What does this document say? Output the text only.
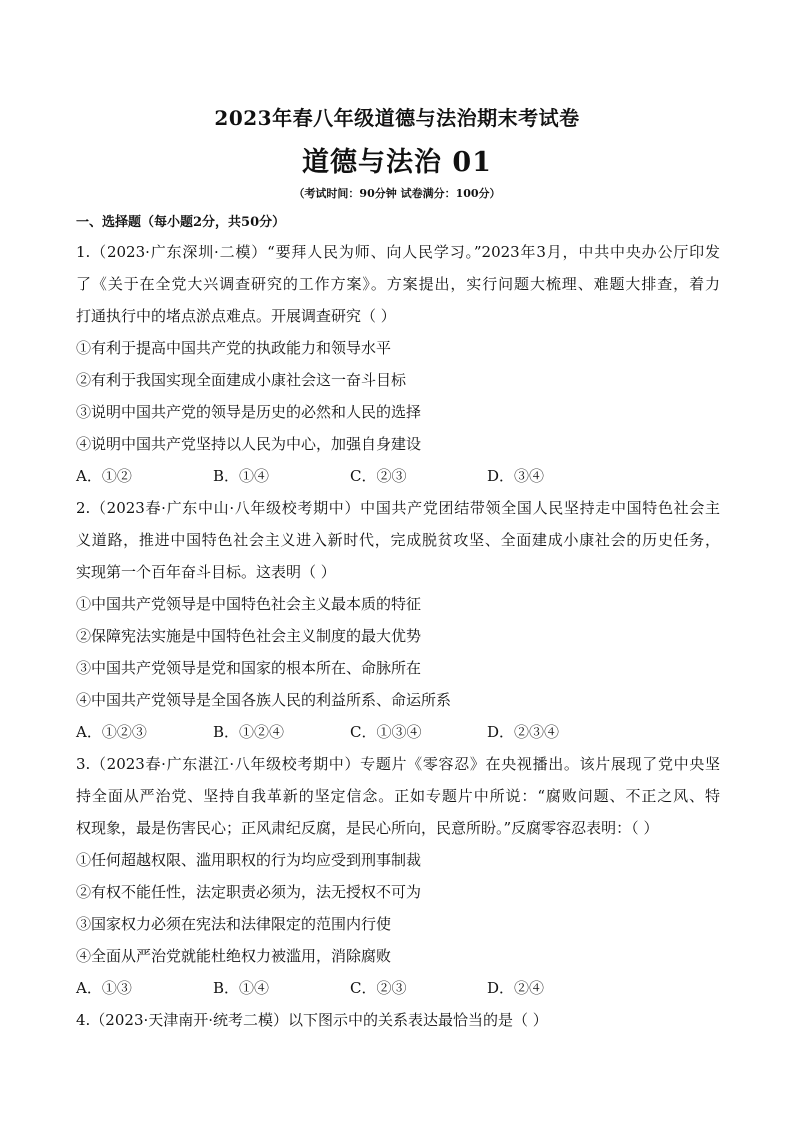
2023年春八年级道德与法治期末考试卷
道德与法治 01
（考试时间：90分钟 试卷满分：100分）
一、选择题（每小题2分，共50分）
1.（2023·广东深圳·二模）“要拜人民为师、向人民学习。”2023年3月，中共中央办公厅印发
了《关于在全党大兴调查研究的工作方案》。方案提出，实行问题大梳理、难题大排查，着力
打通执行中的堵点淤点难点。开展调查研究（ ）
①有利于提高中国共产党的执政能力和领导水平
②有利于我国实现全面建成小康社会这一奋斗目标
③说明中国共产党的领导是历史的必然和人民的选择
④说明中国共产党坚持以人民为中心，加强自身建设
A．①②	B．①④	C．②③	D．③④
2.（2023春·广东中山·八年级校考期中）中国共产党团结带领全国人民坚持走中国特色社会主
义道路，推进中国特色社会主义进入新时代，完成脱贫攻坚、全面建成小康社会的历史任务，
实现第一个百年奋斗目标。这表明（ ）
①中国共产党领导是中国特色社会主义最本质的特征
②保障宪法实施是中国特色社会主义制度的最大优势
③中国共产党领导是党和国家的根本所在、命脉所在
④中国共产党领导是全国各族人民的利益所系、命运所系
A．①②③	B．①②④	C．①③④	D．②③④
3.（2023春·广东湛江·八年级校考期中）专题片《零容忍》在央视播出。该片展现了党中央坚
持全面从严治党、坚持自我革新的坚定信念。正如专题片中所说：“腐败问题、不正之风、特
权现象，最是伤害民心；正风肃纪反腐，是民心所向，民意所盼。”反腐零容忍表明：（ ）
①任何超越权限、滥用职权的行为均应受到刑事制裁
②有权不能任性，法定职责必须为，法无授权不可为
③国家权力必须在宪法和法律限定的范围内行使
④全面从严治党就能杜绝权力被滥用，消除腐败
A．①③	B．①④	C．②③	D．②④
4.（2023·天津南开·统考二模）以下图示中的关系表达最恰当的是（ ）
